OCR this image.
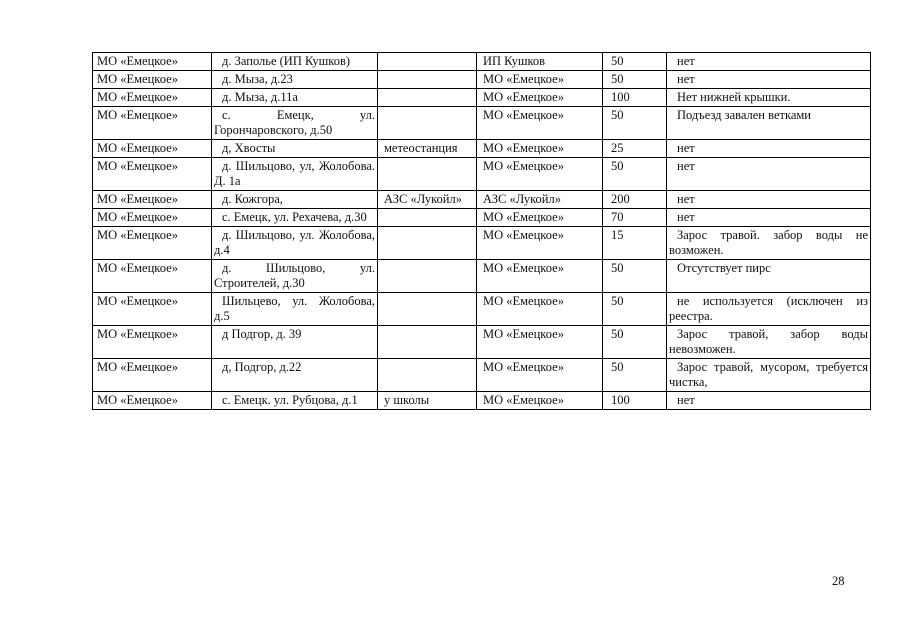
МО «Емецкое»	д. Заполье (ИП Кушков)		ИП Кушков	50	нет

МО «Емецкое»	д. Мыза, д.23		МО «Емецкое»	50	нет

МО «Емецкое»	д. Мыза, д.11а		МО «Емецкое»	100	Нет нижней крышки.

МО «Емецкое»	с. Емецк, ул. Горончаровского, д.50		МО «Емецкое»	50	Подъезд завален ветками

МО «Емецкое»	д, Хвосты	метеостанция	МО «Емецкое»	25	нет

МО «Емецкое»	д. Шильцово, ул, Жолобова. Д. 1а		МО «Емецкое»	50	нет

МО «Емецкое»	д. Кожгора,	АЗС «Лукойл»	АЗС «Лукойл»	200	нет

МО «Емецкое»	с. Емецк, ул. Рехачева, д.30		МО «Емецкое»	70	нет

МО «Емецкое»	д. Шильцово, ул. Жолобова, д.4		МО «Емецкое»	15	Зарос травой. забор воды не возможен.

МО «Емецкое»	д. Шильцово, ул. Строителей, д.30		МО «Емецкое»	50	Отсутствует пирс

МО «Емецкое»	Шильцево, ул. Жолобова, д.5		МО «Емецкое»	50	не используется (исключен из реестра.

МО «Емецкое»	д Подгор, д. 39		МО «Емецкое»	50	Зарос травой, забор воды невозможен.

МО «Емецкое»	д, Подгор, д.22		МО «Емецкое»	50	Зарос травой, мусором, требуется чистка,

МО «Емецкое»	с. Емецк. ул. Рубцова, д.1	у школы	МО «Емецкое»	100	нет
28
